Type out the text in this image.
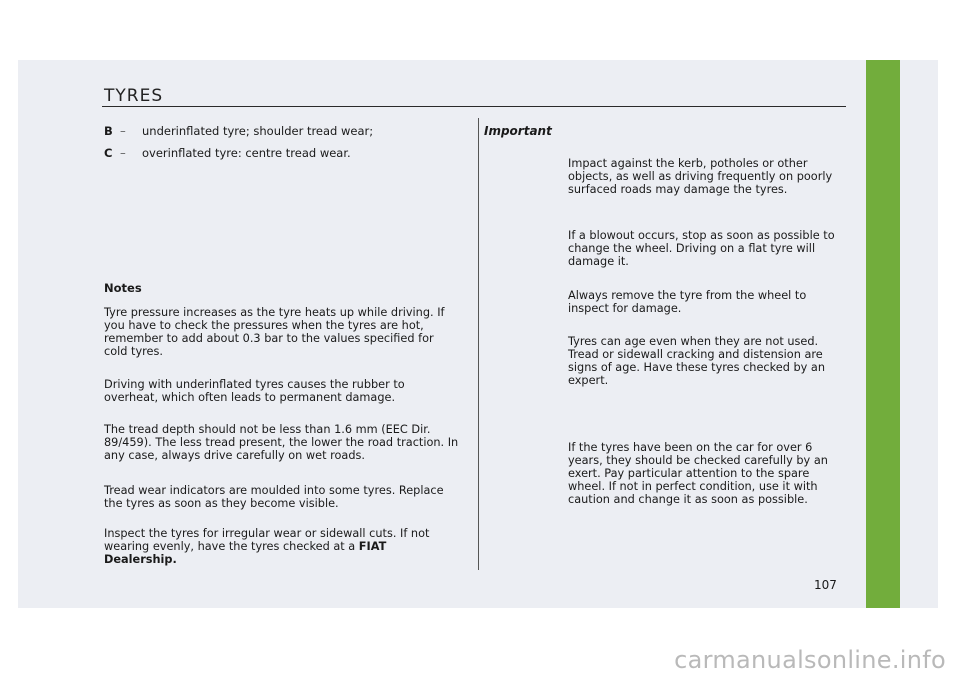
TYRES
B – underinflated tyre; shoulder tread wear;
C – overinflated tyre: centre tread wear.
Notes

Tyre pressure increases as the tyre heats up while driving. If you have to check the pressures when the tyres are hot, remember to add about 0.3 bar to the values specified for cold tyres.

Driving with underinflated tyres causes the rubber to overheat, which often leads to permanent damage.

The tread depth should not be less than 1.6 mm (EEC Dir. 89/459). The less tread present, the lower the road traction. In any case, always drive carefully on wet roads.

Tread wear indicators are moulded into some tyres. Replace the tyres as soon as they become visible.

Inspect the tyres for irregular wear or sidewall cuts. If not wearing evenly, have the tyres checked at a FIAT Dealership.

Important

Impact against the kerb, potholes or other objects, as well as driving frequently on poorly surfaced roads may damage the tyres.

If a blowout occurs, stop as soon as possible to change the wheel. Driving on a flat tyre will damage it.

Always remove the tyre from the wheel to inspect for damage.

Tyres can age even when they are not used. Tread or sidewall cracking and distension are signs of age. Have these tyres checked by an expert.

If the tyres have been on the car for over 6 years, they should be checked carefully by an exert. Pay particular attention to the spare wheel. If not in perfect condition, use it with caution and change it as soon as possible.

107
carmanualsonline.info
